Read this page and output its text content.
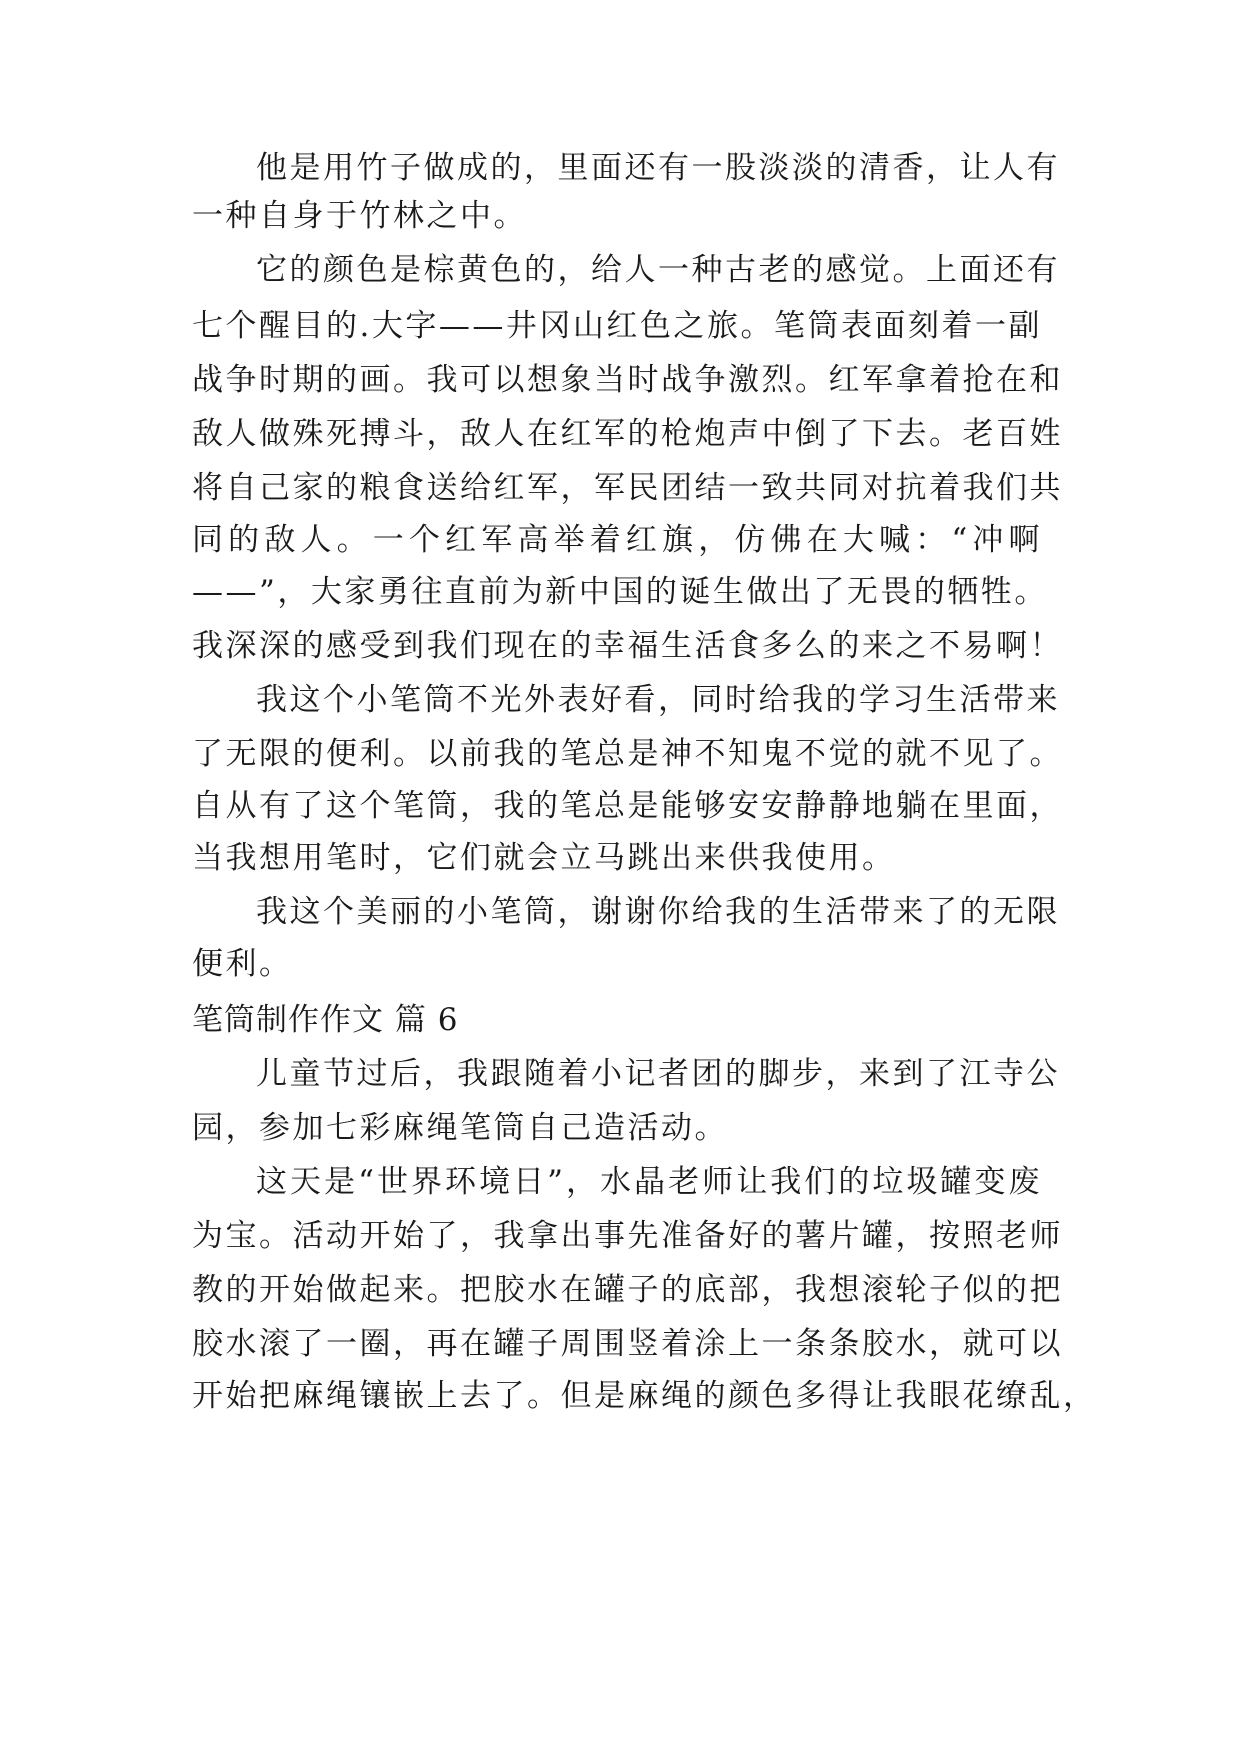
他是用竹子做成的，里面还有一股淡淡的清香，让人有
一种自身于竹林之中。
它的颜色是棕黄色的，给人一种古老的感觉。上面还有
七个醒目的.大字——井冈山红色之旅。笔筒表面刻着一副
战争时期的画。我可以想象当时战争激烈。红军拿着抢在和
敌人做殊死搏斗，敌人在红军的枪炮声中倒了下去。老百姓
将自己家的粮食送给红军，军民团结一致共同对抗着我们共
同的敌人。一个红军高举着红旗，仿佛在大喊：“冲啊
——”，大家勇往直前为新中国的诞生做出了无畏的牺牲。
我深深的感受到我们现在的幸福生活食多么的来之不易啊！
我这个小笔筒不光外表好看，同时给我的学习生活带来
了无限的便利。以前我的笔总是神不知鬼不觉的就不见了。
自从有了这个笔筒，我的笔总是能够安安静静地躺在里面，
当我想用笔时，它们就会立马跳出来供我使用。
我这个美丽的小笔筒，谢谢你给我的生活带来了的无限
便利。
笔筒制作作文 篇 6
儿童节过后，我跟随着小记者团的脚步，来到了江寺公
园，参加七彩麻绳笔筒自己造活动。
这天是“世界环境日”，水晶老师让我们的垃圾罐变废
为宝。活动开始了，我拿出事先准备好的薯片罐，按照老师
教的开始做起来。把胶水在罐子的底部，我想滚轮子似的把
胶水滚了一圈，再在罐子周围竖着涂上一条条胶水，就可以
开始把麻绳镶嵌上去了。但是麻绳的颜色多得让我眼花缭乱，
